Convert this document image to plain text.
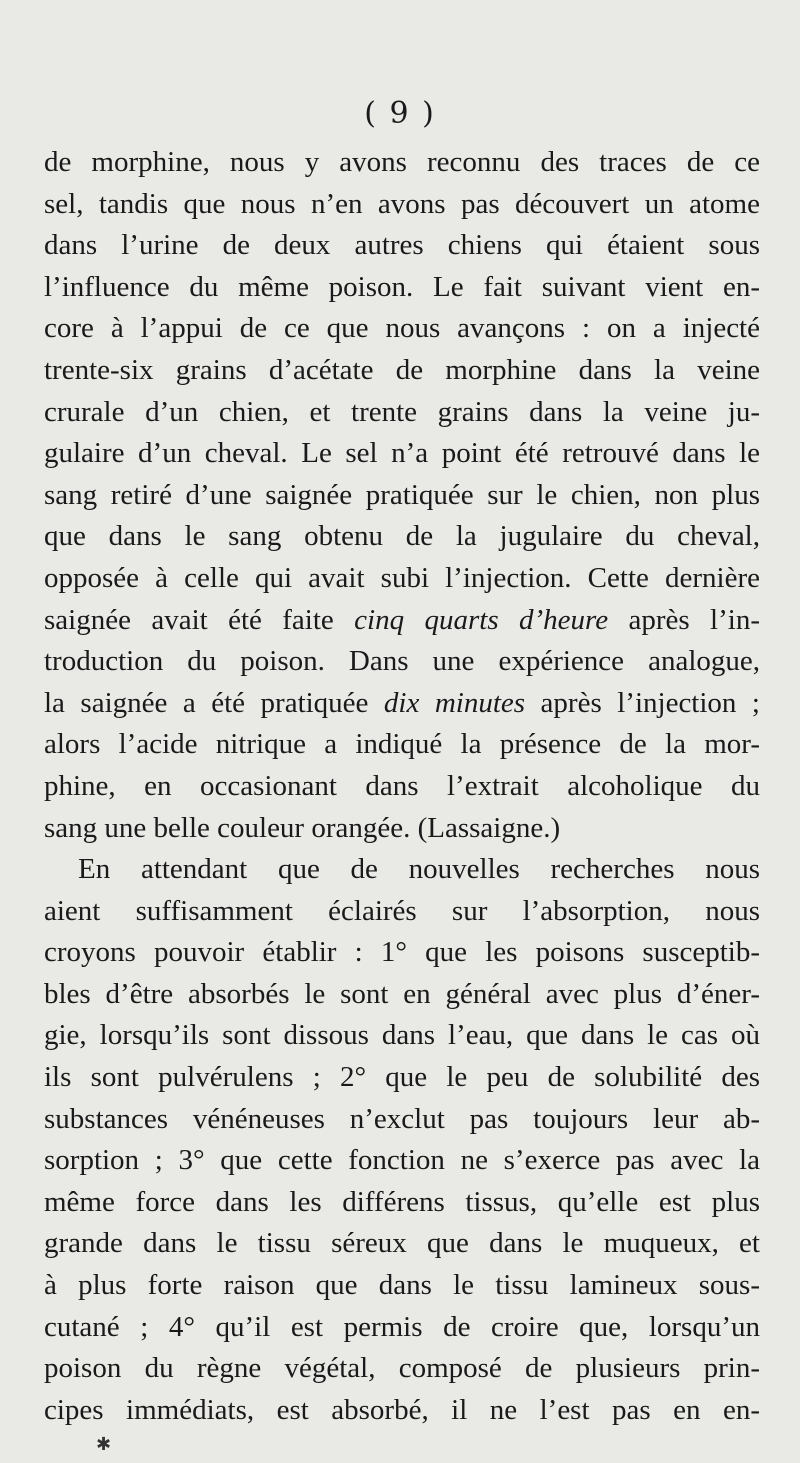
( 9 )
de morphine, nous y avons reconnu des traces de ce
sel, tandis que nous n’en avons pas découvert un atome
dans l’urine de deux autres chiens qui étaient sous
l’influence du même poison. Le fait suivant vient en-
core à l’appui de ce que nous avançons : on a injecté
trente-six grains d’acétate de morphine dans la veine
crurale d’un chien, et trente grains dans la veine ju-
gulaire d’un cheval. Le sel n’a point été retrouvé dans le
sang retiré d’une saignée pratiquée sur le chien, non plus
que dans le sang obtenu de la jugulaire du cheval,
opposée à celle qui avait subi l’injection. Cette dernière
saignée avait été faite cinq quarts d’heure après l’in-
troduction du poison. Dans une expérience analogue,
la saignée a été pratiquée dix minutes après l’injection ;
alors l’acide nitrique a indiqué la présence de la mor-
phine, en occasionant dans l’extrait alcoholique du
sang une belle couleur orangée. (Lassaigne.)
En attendant que de nouvelles recherches nous
aient suffisamment éclairés sur l’absorption, nous
croyons pouvoir établir : 1° que les poisons susceptib-
bles d’être absorbés le sont en général avec plus d’éner-
gie, lorsqu’ils sont dissous dans l’eau, que dans le cas où
ils sont pulvérulens ; 2° que le peu de solubilité des
substances vénéneuses n’exclut pas toujours leur ab-
sorption ; 3° que cette fonction ne s’exerce pas avec la
même force dans les différens tissus, qu’elle est plus
grande dans le tissu séreux que dans le muqueux, et
à plus forte raison que dans le tissu lamineux sous-
cutané ; 4° qu’il est permis de croire que, lorsqu’un
poison du règne végétal, composé de plusieurs prin-
cipes immédiats, est absorbé, il ne l’est pas en en-
✱
